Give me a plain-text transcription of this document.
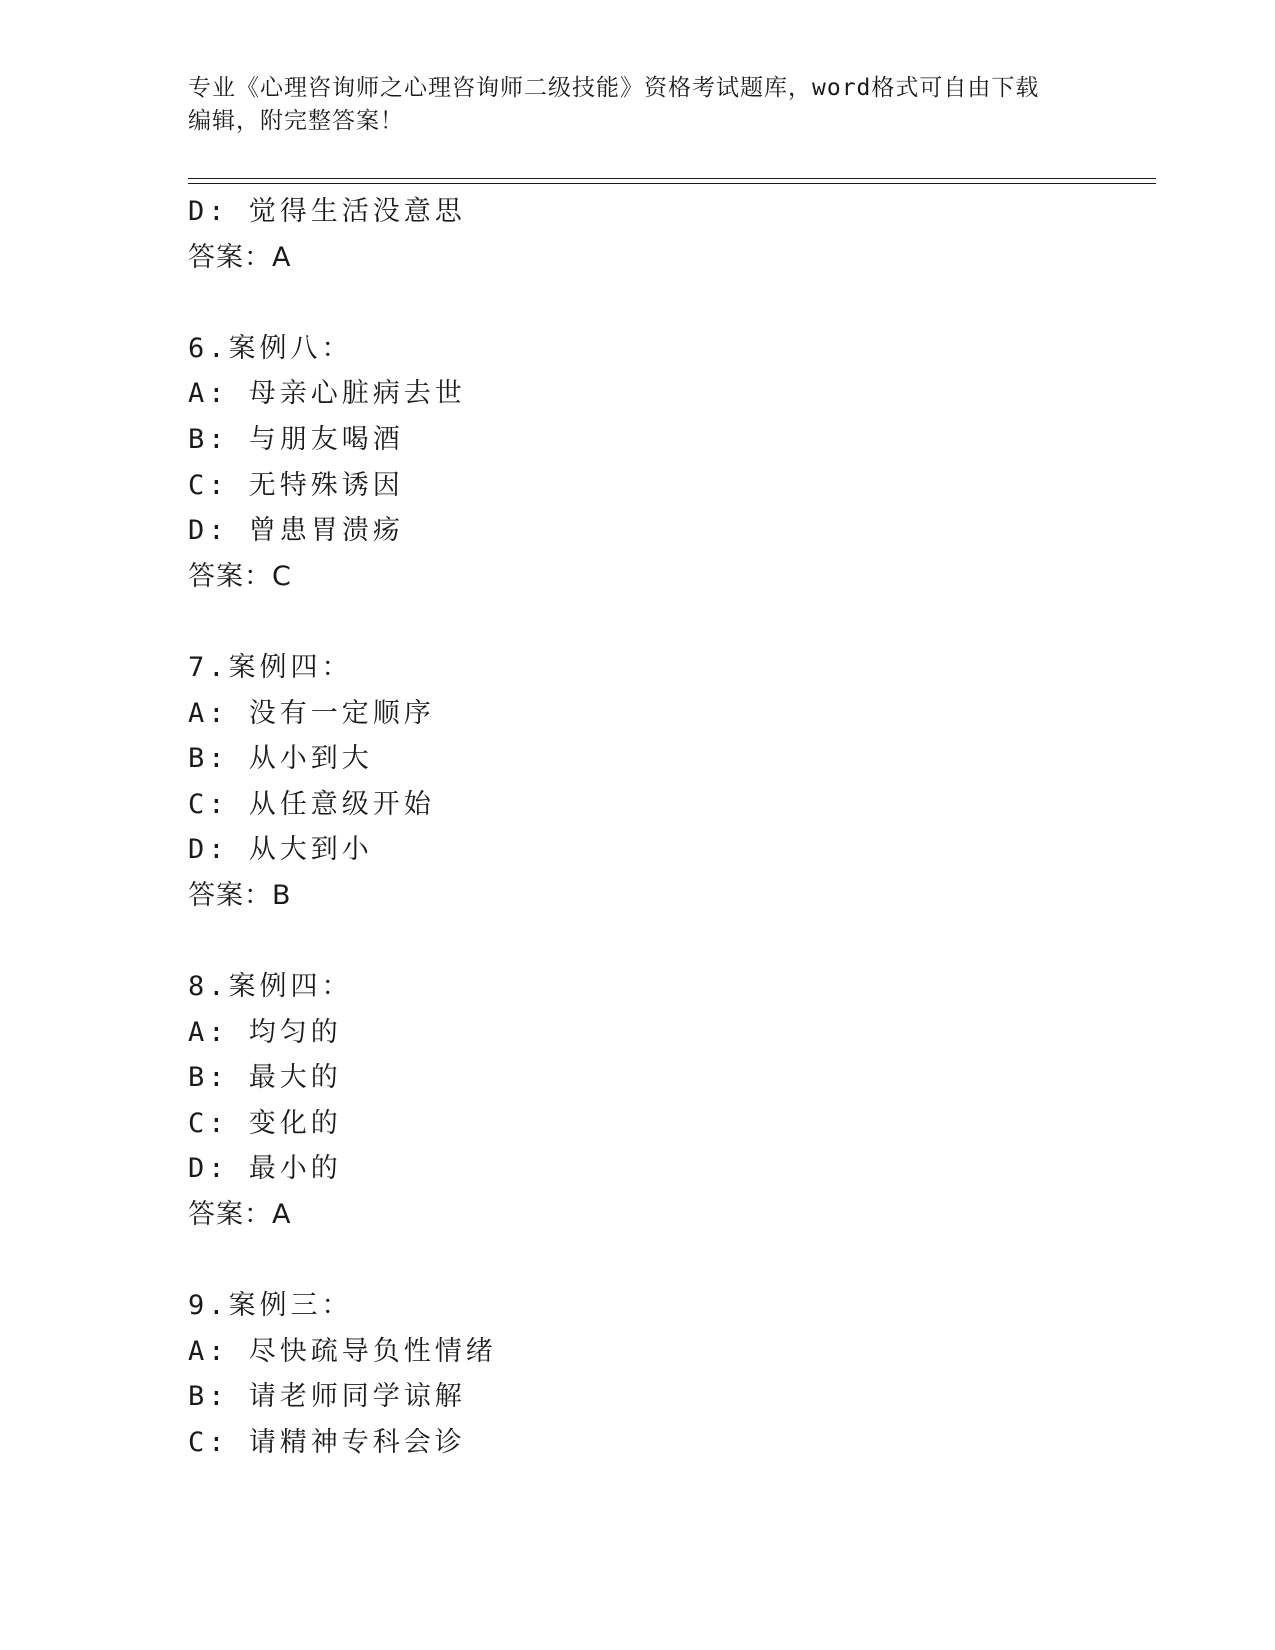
专业《心理咨询师之心理咨询师二级技能》资格考试题库，word格式可自由下载
编辑，附完整答案！
D: 觉得生活没意思
答案：A
6.案例八：
A: 母亲心脏病去世
B: 与朋友喝酒
C: 无特殊诱因
D: 曾患胃溃疡
答案：C
7.案例四：
A: 没有一定顺序
B: 从小到大
C: 从任意级开始
D: 从大到小
答案：B
8.案例四：
A: 均匀的
B: 最大的
C: 变化的
D: 最小的
答案：A
9.案例三：
A: 尽快疏导负性情绪
B: 请老师同学谅解
C: 请精神专科会诊
